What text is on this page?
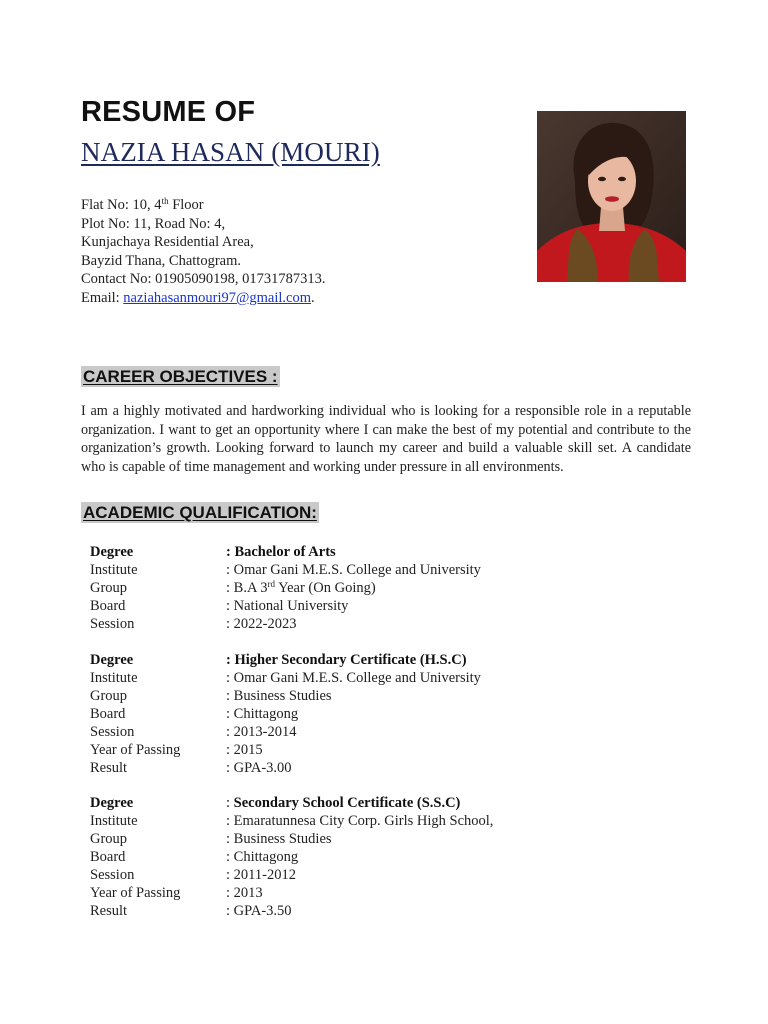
RESUME OF
NAZIA HASAN (MOURI)
Flat No: 10, 4th Floor
Plot No: 11, Road No: 4,
Kunjachaya Residential Area,
Bayzid Thana, Chattogram.
Contact No: 01905090198, 01731787313.
Email: naziahasanmouri97@gmail.com.
CAREER OBJECTIVES :
I am a highly motivated and hardworking individual who is looking for a responsible role in a reputable organization. I want to get an opportunity where I can make the best of my potential and contribute to the organization’s growth. Looking forward to launch my career and build a valuable skill set. A candidate who is capable of time management and working under pressure in all environments.
ACADEMIC QUALIFICATION:
Degree	: Bachelor of Arts
Institute	: Omar Gani M.E.S. College and University
Group	: B.A 3rd Year (On Going)
Board	: National University
Session	: 2022-2023
Degree	: Higher Secondary Certificate (H.S.C)
Institute	: Omar Gani M.E.S. College and University
Group	: Business Studies
Board	: Chittagong
Session	: 2013-2014
Year of Passing	: 2015
Result	: GPA-3.00
Degree	: Secondary School Certificate (S.S.C)
Institute	: Emaratunnesa City Corp. Girls High School,
Group	: Business Studies
Board	: Chittagong
Session	: 2011-2012
Year of Passing	: 2013
Result	: GPA-3.50
